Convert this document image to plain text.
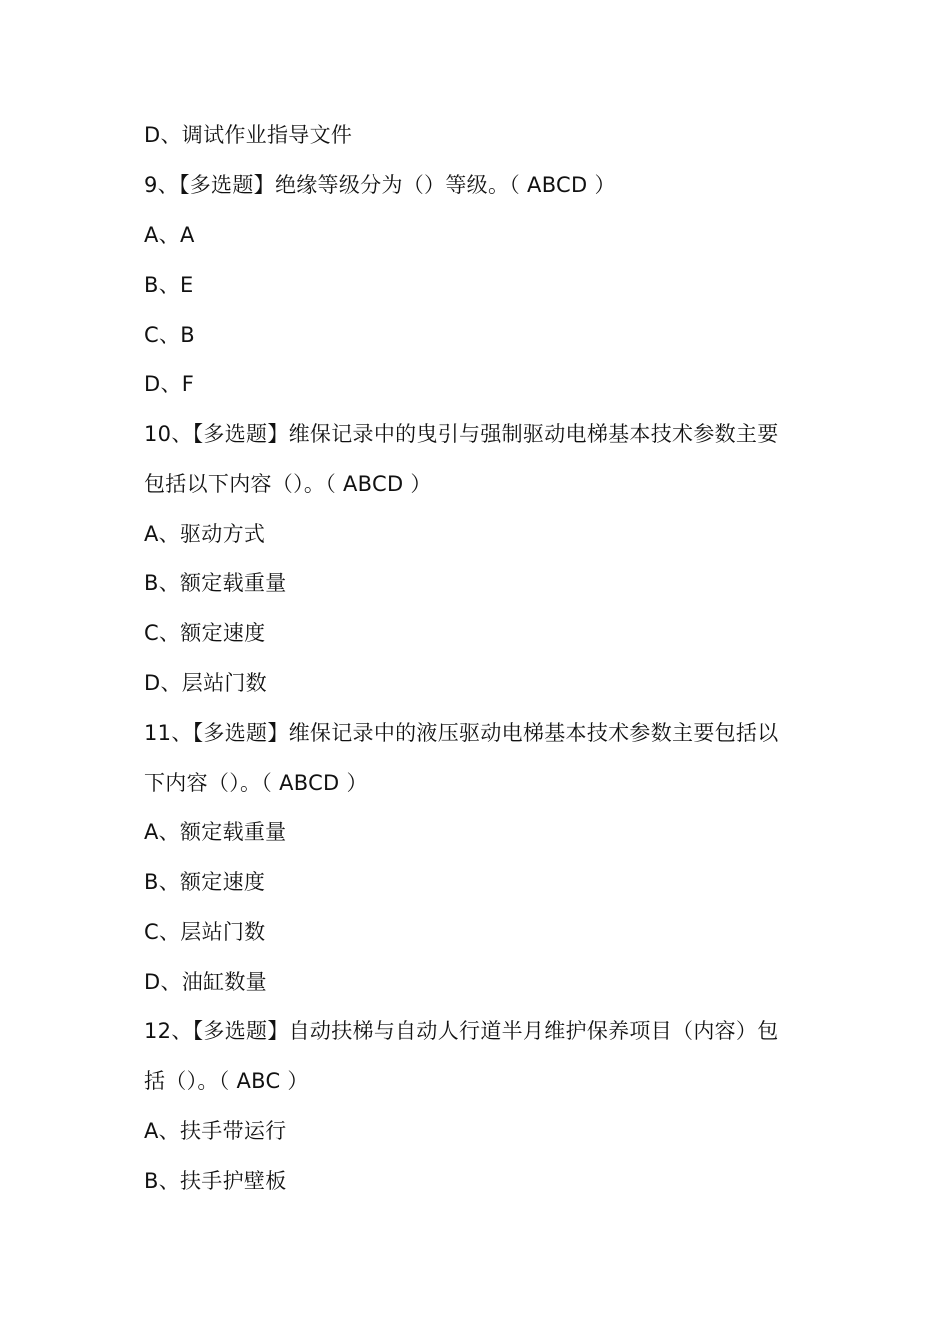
D、调试作业指导文件
9、【多选题】绝缘等级分为（）等级。（ ABCD ）
A、A
B、E
C、B
D、F
10、【多选题】维保记录中的曳引与强制驱动电梯基本技术参数主要
包括以下内容（）。（ ABCD ）
A、驱动方式
B、额定载重量
C、额定速度
D、层站门数
11、【多选题】维保记录中的液压驱动电梯基本技术参数主要包括以
下内容（）。（ ABCD ）
A、额定载重量
B、额定速度
C、层站门数
D、油缸数量
12、【多选题】自动扶梯与自动人行道半月维护保养项目（内容）包
括（）。（ ABC ）
A、扶手带运行
B、扶手护壁板
